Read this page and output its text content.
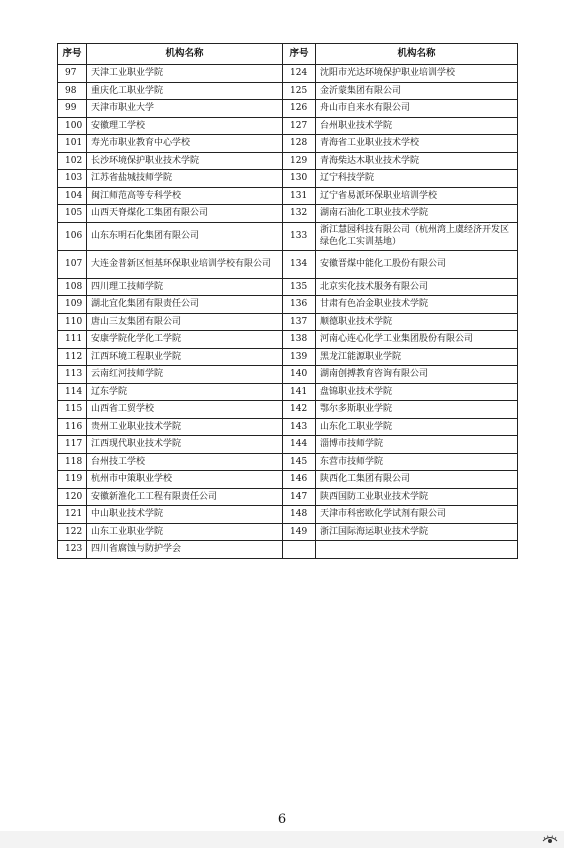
序号	机构名称	序号	机构名称
97	天津工业职业学院	124	沈阳市光达环境保护职业培训学校
98	重庆化工职业学院	125	金沂蒙集团有限公司
99	天津市职业大学	126	舟山市自来水有限公司
100	安徽理工学校	127	台州职业技术学院
101	寿光市职业教育中心学校	128	青海省工业职业技术学校
102	长沙环境保护职业技术学院	129	青海柴达木职业技术学院
103	江苏省盐城技师学院	130	辽宁科技学院
104	闽江师范高等专科学校	131	辽宁省易派环保职业培训学校
105	山西天脊煤化工集团有限公司	132	湖南石油化工职业技术学院
106	山东东明石化集团有限公司	133	浙江慧园科技有限公司（杭州湾上虞经济开发区绿色化工实训基地）
107	大连金普新区恒基环保职业培训学校有限公司	134	安徽晋煤中能化工股份有限公司
108	四川理工技师学院	135	北京实化技术服务有限公司
109	湖北宜化集团有限责任公司	136	甘肃有色冶金职业技术学院
110	唐山三友集团有限公司	137	顺德职业技术学院
111	安康学院化学化工学院	138	河南心连心化学工业集团股份有限公司
112	江西环境工程职业学院	139	黑龙江能源职业学院
113	云南红河技师学院	140	湖南创搏教育咨询有限公司
114	辽东学院	141	盘锦职业技术学院
115	山西省工贸学校	142	鄂尔多斯职业学院
116	贵州工业职业技术学院	143	山东化工职业学院
117	江西现代职业技术学院	144	淄博市技师学院
118	台州技工学校	145	东营市技师学院
119	杭州市中策职业学校	146	陕西化工集团有限公司
120	安徽新淮化工工程有限责任公司	147	陕西国防工业职业技术学院
121	中山职业技术学院	148	天津市科密欧化学试剂有限公司
122	山东工业职业学院	149	浙江国际海运职业技术学院
123	四川省腐蚀与防护学会		
6
